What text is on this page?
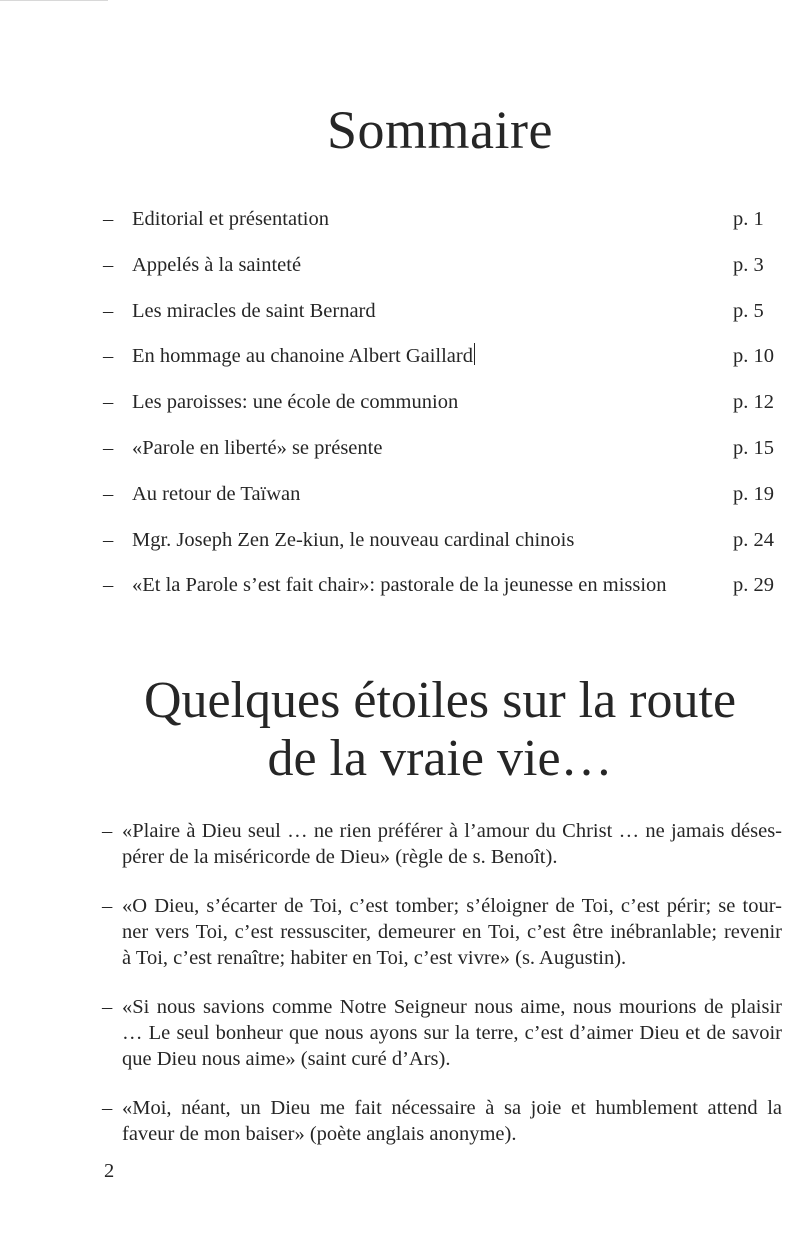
Sommaire
– Editorial et présentation	p. 1
– Appelés à la sainteté	p. 3
– Les miracles de saint Bernard	p. 5
– En hommage au chanoine Albert Gaillard	p. 10
– Les paroisses: une école de communion	p. 12
– «Parole en liberté» se présente	p. 15
– Au retour de Taïwan	p. 19
– Mgr. Joseph Zen Ze-kiun, le nouveau cardinal chinois	p. 24
– «Et la Parole s’est fait chair»: pastorale de la jeunesse en mission	p. 29
Quelques étoiles sur la route
de la vraie vie…
– «Plaire à Dieu seul … ne rien préférer à l’amour du Christ … ne jamais déses-
pérer de la miséricorde de Dieu» (règle de s. Benoît).
– «O Dieu, s’écarter de Toi, c’est tomber; s’éloigner de Toi, c’est périr; se tour-
ner vers Toi, c’est ressusciter, demeurer en Toi, c’est être inébranlable; revenir
à Toi, c’est renaître; habiter en Toi, c’est vivre» (s. Augustin).
– «Si nous savions comme Notre Seigneur nous aime, nous mourions de plaisir
… Le seul bonheur que nous ayons sur la terre, c’est d’aimer Dieu et de savoir
que Dieu nous aime» (saint curé d’Ars).
– «Moi, néant, un Dieu me fait nécessaire à sa joie et humblement attend la
faveur de mon baiser» (poète anglais anonyme).
2
